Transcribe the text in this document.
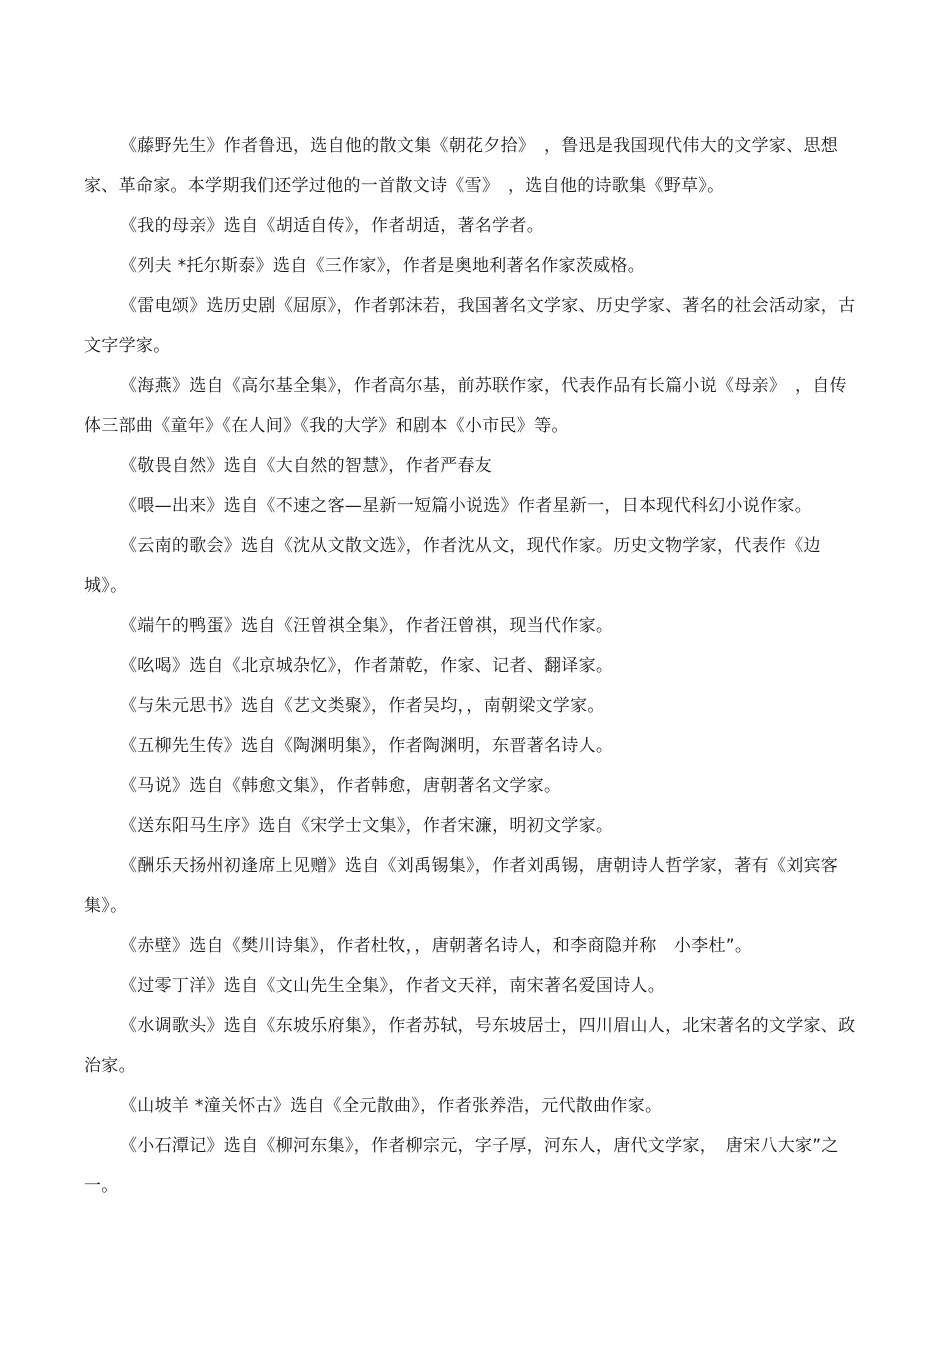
《藤野先生》作者鲁迅，选自他的散文集《朝花夕拾》　，鲁迅是我国现代伟大的文学家、思想家、革命家。本学期我们还学过他的一首散文诗《雪》　，选自他的诗歌集《野草》。

《我的母亲》选自《胡适自传》，作者胡适，著名学者。

《列夫 *托尔斯泰》选自《三作家》，作者是奥地利著名作家茨威格。

《雷电颂》选历史剧《屈原》，作者郭沫若，我国著名文学家、历史学家、著名的社会活动家，古文字学家。

《海燕》选自《高尔基全集》，作者高尔基，前苏联作家，代表作品有长篇小说《母亲》　，自传体三部曲《童年》《在人间》《我的大学》和剧本《小市民》等。

《敬畏自然》选自《大自然的智慧》，作者严春友

《喂—出来》选自《不速之客—星新一短篇小说选》作者星新一，日本现代科幻小说作家。

《云南的歌会》选自《沈从文散文选》，作者沈从文，现代作家。历史文物学家，代表作《边城》。

《端午的鸭蛋》选自《汪曾祺全集》，作者汪曾祺，现当代作家。

《吆喝》选自《北京城杂忆》，作者萧乾，作家、记者、翻译家。

《与朱元思书》选自《艺文类聚》，作者吴均，，南朝梁文学家。

《五柳先生传》选自《陶渊明集》，作者陶渊明，东晋著名诗人。

《马说》选自《韩愈文集》，作者韩愈，唐朝著名文学家。

《送东阳马生序》选自《宋学士文集》，作者宋濂，明初文学家。

《酬乐天扬州初逢席上见赠》选自《刘禹锡集》，作者刘禹锡，唐朝诗人哲学家，著有《刘宾客集》。

《赤壁》选自《樊川诗集》，作者杜牧，，唐朝著名诗人，和李商隐并称　小李杜”。

《过零丁洋》选自《文山先生全集》，作者文天祥，南宋著名爱国诗人。

《水调歌头》选自《东坡乐府集》，作者苏轼，号东坡居士，四川眉山人，北宋著名的文学家、政治家。

《山坡羊 *潼关怀古》选自《全元散曲》，作者张养浩，元代散曲作家。

《小石潭记》选自《柳河东集》，作者柳宗元，字子厚，河东人，唐代文学家，　唐宋八大家”之一。
